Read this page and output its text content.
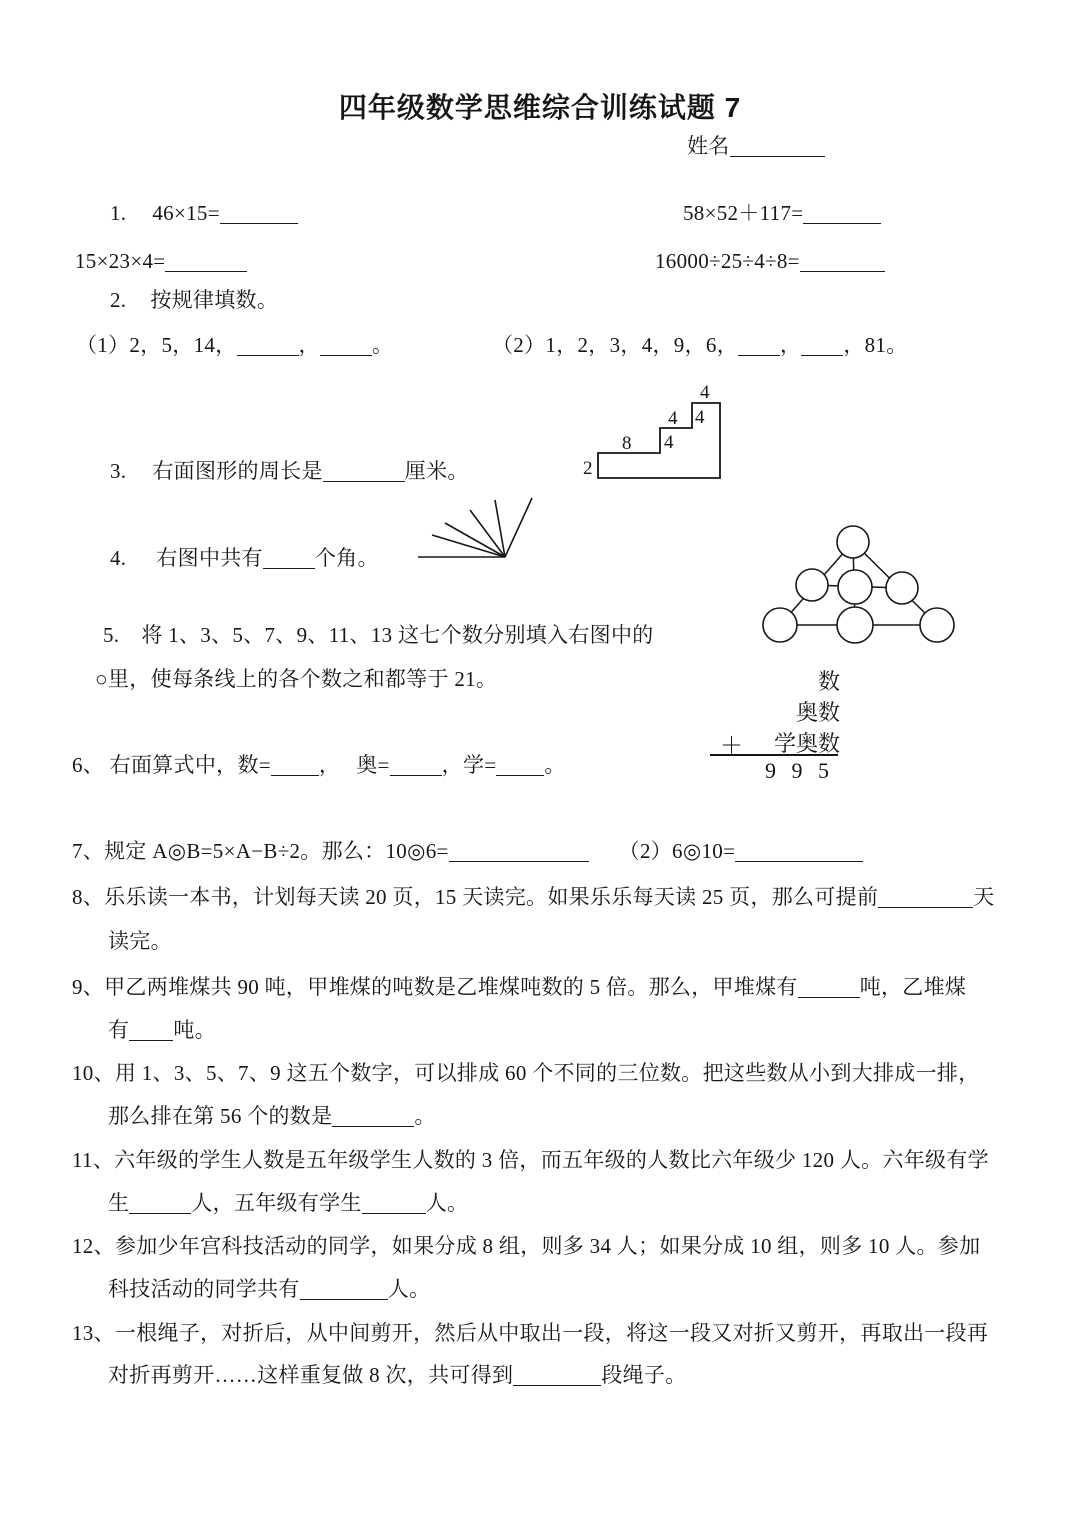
四年级数学思维综合训练试题 7
姓名
1. 46×15=	58×52＋117=
15×23×4=	16000÷25÷4÷8=
2. 按规律填数。
（1）2，5，14，	， 。	（2）1，2，3，4，9，6， ， ，81。
2
8 4
4 4
4
3. 右面图形的周长是	厘米。
4. 右图中共有 个角。
5. 将 1、3、5、7、9、11、13 这七个数分别填入右图中的
○里，使每条线上的各个数之和都等于 21。	数
奥数
＋ 学奥数
9 9 5
6、 右面算式中，数= ， 奥= ，学= 。
7、规定 A◎B=5×A−B÷2。那么：10◎6=	（2）6◎10=
8、乐乐读一本书，计划每天读 20 页，15 天读完。如果乐乐每天读 25 页，那么可提前	天
读完。
9、甲乙两堆煤共 90 吨，甲堆煤的吨数是乙堆煤吨数的 5 倍。那么，甲堆煤有	吨，乙堆煤
有 吨。
10、用 1、3、5、7、9 这五个数字，可以排成 60 个不同的三位数。把这些数从小到大排成一排，
那么排在第 56 个的数是	。
11、六年级的学生人数是五年级学生人数的 3 倍，而五年级的人数比六年级少 120 人。六年级有学
生	人，五年级有学生	人。
12、参加少年宫科技活动的同学，如果分成 8 组，则多 34 人；如果分成 10 组，则多 10 人。参加
科技活动的同学共有	人。
13、一根绳子，对折后，从中间剪开，然后从中取出一段，将这一段又对折又剪开，再取出一段再
对折再剪开……这样重复做 8 次，共可得到	段绳子。
